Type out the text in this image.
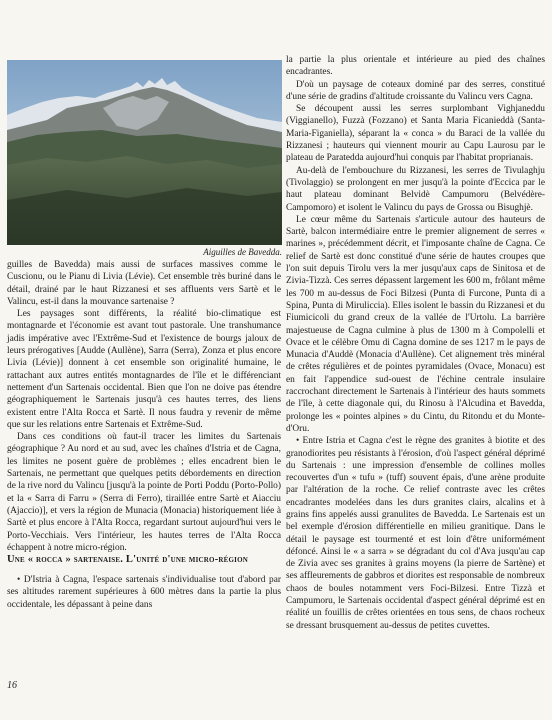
Aiguilles de Bavedda.

guilles de Bavedda) mais aussi de surfaces massives comme le Cuscionu, ou le Pianu di Livia (Lévie). Cet ensemble très buriné dans le détail, drainé par le haut Rizzanesi et ses affluents vers Sartè et le Valincu, est-il dans la mouvance sartenaise ?

Les paysages sont différents, la réalité bio-climatique est montagnarde et l'économie est avant tout pastorale. Une transhumance jadis impérative avec l'Extrême-Sud et l'existence de bourgs jaloux de leurs prérogatives [Audde (Aullène), Sarra (Serra), Zonza et plus encore Livia (Lévie)] donnent à cet ensemble son originalité humaine, le rattachant aux autres entités montagnardes de l'île et le différenciant nettement d'un Sartenais occidental. Bien que l'on ne doive pas étendre géographiquement le Sartenais jusqu'à ces hautes terres, des liens existent entre l'Alta Rocca et Sartè. Il nous faudra y revenir de même que sur les relations entre Sartenais et Extrême-Sud.

Dans ces conditions où faut-il tracer les limites du Sartenais géographique ? Au nord et au sud, avec les chaînes d'Istria et de Cagna, les limites ne posent guère de problèmes ; elles encadrent bien le Sartenais, ne permettant que quelques petits débordements en direction de la rive nord du Valincu [jusqu'à la pointe de Porti Poddu (Porto-Pollo) et la « Sarra di Farru » (Serra di Ferro), tiraillée entre Sartè et Aiacciu (Ajaccio)], et vers la région de Munacia (Monacia) historiquement liée à Sartè et plus encore à l'Alta Rocca, regardant surtout aujourd'hui vers le Porto-Vecchiais. Vers l'intérieur, les hautes terres de l'Alta Rocca échappent à notre micro-région.

Une « rocca » sartenaise. L'unité d'une micro-région

• D'Istria à Cagna, l'espace sartenais s'individualise tout d'abord par ses altitudes rarement supérieures à 600 mètres dans la partie la plus occidentale, les dépassant à peine dans

la partie la plus orientale et intérieure au pied des chaînes encadrantes.

D'où un paysage de coteaux dominé par des serres, constitué d'une série de gradins d'altitude croissante du Valincu vers Cagna.

Se découpent aussi les serres surplombant Vighjaneddu (Viggianello), Fuzzà (Fozzano) et Santa Maria Ficanieddà (Santa-Maria-Figaniella), séparant la « conca » du Baraci de la vallée du Rizzanesi ; hauteurs qui viennent mourir au Capu Laurosu par le plateau de Paratedda aujourd'hui conquis par l'habitat proprianais.

Au-delà de l'embouchure du Rizzanesi, les serres de Tivulaghju (Tivolaggio) se prolongent en mer jusqu'à la pointe d'Eccica par le haut plateau dominant Belvidè Campumoru (Belvédère-Campomoro) et isolent le Valincu du pays de Grossa ou Bisughjè.

Le cœur même du Sartenais s'articule autour des hauteurs de Sartè, balcon intermédiaire entre le premier alignement de serres « marines », précédemment décrit, et l'imposante chaîne de Cagna. Ce relief de Sartè est donc constitué d'une série de hautes croupes que l'on suit depuis Tirolu vers la mer jusqu'aux caps de Sinitosa et de Zivia-Tizzà. Ces serres dépassent largement les 600 m, frôlant même les 700 m au-dessus de Foci Bilzesi (Punta di Furcone, Punta di a Spina, Punta di Miruliccia). Elles isolent le bassin du Rizzanesi et du Fiumicicoli du grand creux de la vallée de l'Urtolu. La barrière majestueuse de Cagna culmine à plus de 1300 m à Compolelli et Ovace et le célèbre Omu di Cagna domine de ses 1217 m le pays de Munacia d'Auddè (Monacia d'Aullène). Cet alignement très minéral de crêtes régulières et de pointes pyramidales (Ovace, Monacu) est en fait l'appendice sud-ouest de l'échine centrale insulaire raccrochant directement le Sartenais à l'intérieur des hauts sommets de l'île, à cette diagonale qui, du Rinosu à l'Alcudina et Bavedda, prolonge les « pointes alpines » du Cintu, du Ritondu et du Monte-d'Oru.

• Entre Istria et Cagna c'est le règne des granites à biotite et des granodiorites peu résistants à l'érosion, d'où l'aspect général déprimé du Sartenais : une impression d'ensemble de collines molles recouvertes d'un « tufu » (tuff) souvent épais, d'une arène produite par l'altération de la roche. Ce relief contraste avec les crêtes encadrantes modelées dans les durs granites clairs, alcalins et à grains fins appelés aussi granulites de Bavedda. Le Sartenais est un bel exemple d'érosion différentielle en milieu granitique. Dans le détail le paysage est tourmenté et est loin d'être uniformément défoncé. Ainsi le « a sarra » se dégradant du col d'Ava jusqu'au cap de Zivia avec ses granites à grains moyens (la pierre de Sartène) et ses affleurements de gabbros et diorites est responsable de nombreux chaos de boules notamment vers Foci-Bilzesi. Entre Tizzà et Campumoru, le Sartenais occidental d'aspect général déprimé est en réalité un fouillis de crêtes orientées en tous sens, de chaos rocheux se dressant brusquement au-dessus de petites cuvettes.

16
